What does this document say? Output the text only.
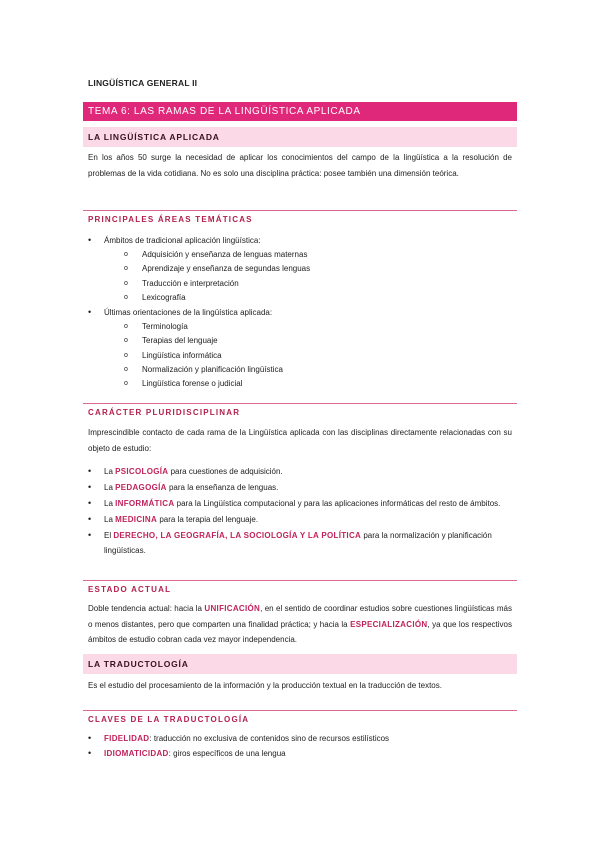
LINGÜÍSTICA GENERAL II
TEMA 6: LAS RAMAS DE LA LINGÜÍSTICA APLICADA
LA LINGÜÍSTICA APLICADA
En los años 50 surge la necesidad de aplicar los conocimientos del campo de la lingüística a la resolución de problemas de la vida cotidiana. No es solo una disciplina práctica: posee también una dimensión teórica.
PRINCIPALES ÁREAS TEMÁTICAS
• Ámbitos de tradicional aplicación lingüística:
o Adquisición y enseñanza de lenguas maternas
o Aprendizaje y enseñanza de segundas lenguas
o Traducción e interpretación
o Lexicografía
• Últimas orientaciones de la lingüística aplicada:
o Terminología
o Terapias del lenguaje
o Lingüística informática
o Normalización y planificación lingüística
o Lingüística forense o judicial
CARÁCTER PLURIDISCIPLINAR
Imprescindible contacto de cada rama de la Lingüística aplicada con las disciplinas directamente relacionadas con su objeto de estudio:
• La PSICOLOGÍA para cuestiones de adquisición.
• La PEDAGOGÍA para la enseñanza de lenguas.
• La INFORMÁTICA para la Lingüística computacional y para las aplicaciones informáticas del resto de ámbitos.
• La MEDICINA para la terapia del lenguaje.
• El DERECHO, LA GEOGRAFÍA, LA SOCIOLOGÍA Y LA POLÍTICA para la normalización y planificación lingüísticas.
ESTADO ACTUAL
Doble tendencia actual: hacia la UNIFICACIÓN, en el sentido de coordinar estudios sobre cuestiones lingüísticas más o menos distantes, pero que comparten una finalidad práctica; y hacia la ESPECIALIZACIÓN, ya que los respectivos ámbitos de estudio cobran cada vez mayor independencia.
LA TRADUCTOLOGÍA
Es el estudio del procesamiento de la información y la producción textual en la traducción de textos.
CLAVES DE LA TRADUCTOLOGÍA
• FIDELIDAD: traducción no exclusiva de contenidos sino de recursos estilísticos
• IDIOMATICIDAD: giros específicos de una lengua
